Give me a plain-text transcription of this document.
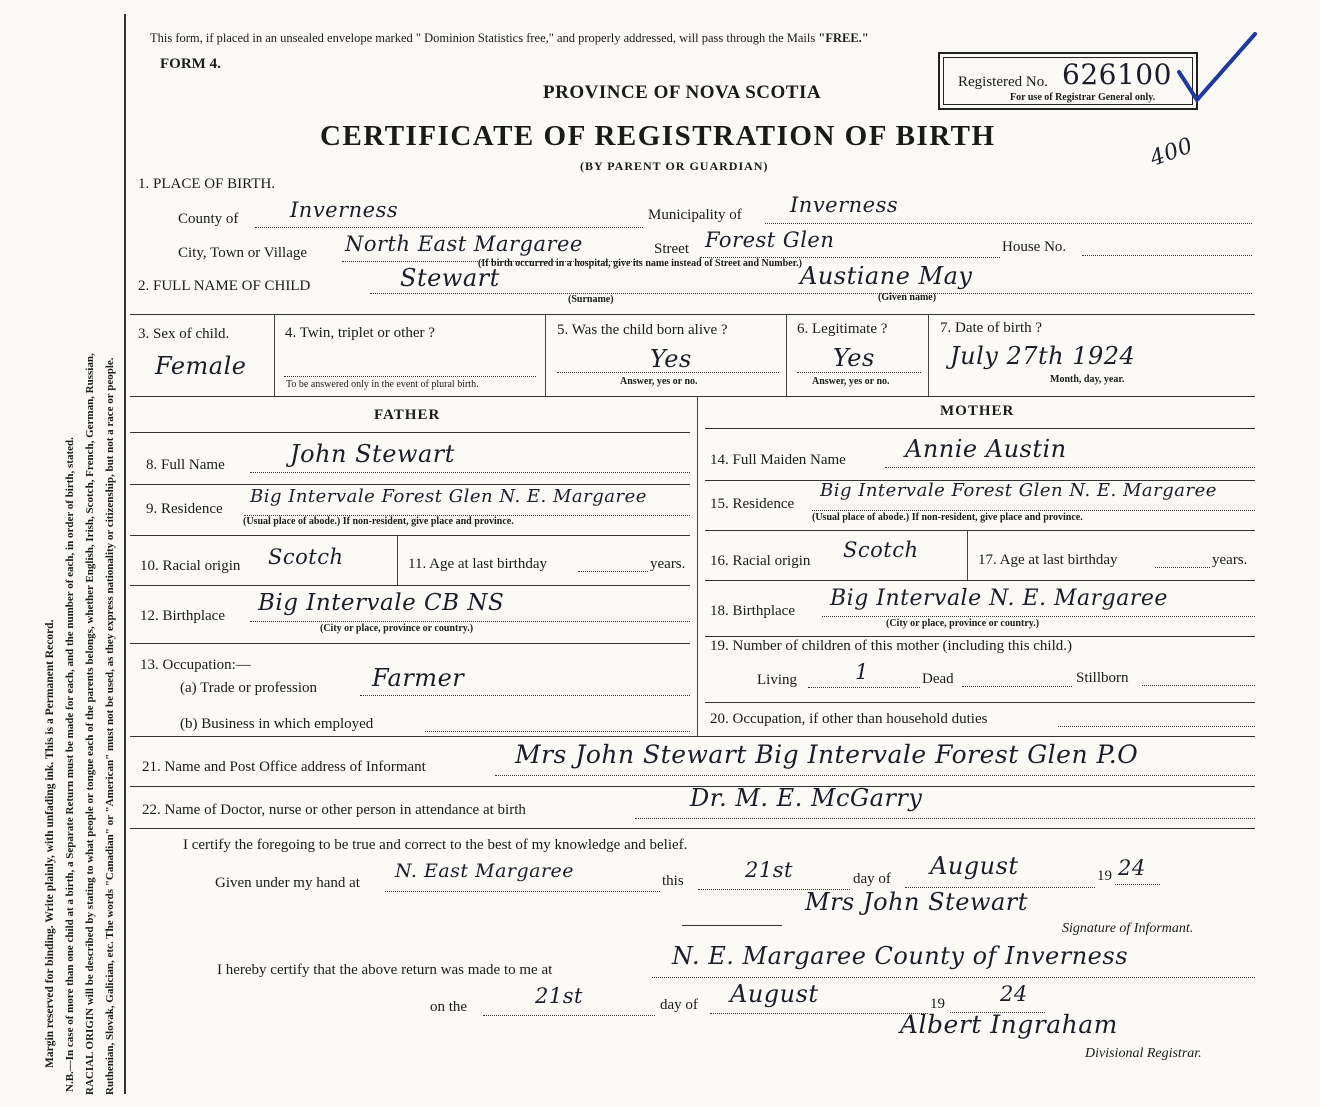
Margin reserved for binding. Write plainly, with unfading ink. This is a Permanent Record. N.B.—In case of more than one child at a birth, a Separate Return must be made for each, and the number of each, in order of birth, stated. RACIAL ORIGIN will be described by stating to what people or tongue each of the parents belongs, whether English, Irish, Scotch, French, German, Russian, Ruthenian, Slovak, Galician, etc. The words "Canadian" or "American" must not be used, as they express nationality or citizenship, but not a race or people.
This form, if placed in an unsealed envelope marked " Dominion Statistics free," and properly addressed, will pass through the Mails "FREE."
FORM 4.
PROVINCE OF NOVA SCOTIA
CERTIFICATE OF REGISTRATION OF BIRTH
(BY PARENT OR GUARDIAN)
Registered No. 626100
For use of Registrar General only.
400
1. PLACE OF BIRTH.
County of Inverness	Municipality of Inverness
City, Town or Village North East Margaree	Street Forest Glen	House No.
(If birth occurred in a hospital, give its name instead of Street and Number.)
2. FULL NAME OF CHILD	Stewart
(Surname)
Austiane May
(Given name)
3. Sex of child.
Female
4. Twin, triplet or other ?
To be answered only in the event of plural birth.
5. Was the child born alive ?
Yes
Answer, yes or no.
6. Legitimate ?
Yes
Answer, yes or no.
7. Date of birth ?
July 27th 1924
Month, day, year.
FATHER
8. Full Name	John Stewart
9. Residence
Big Intervale Forest Glen N. E. Margaree
(Usual place of abode.) If non-resident, give place and province.
10. Racial origin Scotch	11. Age at last birthday	years.
12. Birthplace Big Intervale CB NS
(City or place, province or country.)
13. Occupation:—
(a) Trade or profession Farmer
(b) Business in which employed
MOTHER
14. Full Maiden Name Annie Austin
15. Residence
Big Intervale Forest Glen N. E. Margaree
(Usual place of abode.) If non-resident, give place and province.
16. Racial origin Scotch	17. Age at last birthday	years.
18. Birthplace Big Intervale N. E. Margaree
(City or place, province or country.)
19. Number of children of this mother (including this child.)
Living	1	Dead	Stillborn
20. Occupation, if other than household duties
21. Name and Post Office address of Informant	Mrs John Stewart Big Intervale Forest Glen P.O
22. Name of Doctor, nurse or other person in attendance at birth	Dr. M. E. McGarry
I certify the foregoing to be true and correct to the best of my knowledge and belief.
Given under my hand at
N. East Margaree	this	21st	day of August	19 24
Mrs John Stewart
Signature of Informant.
I hereby certify that the above return was made to me at	N. E. Margaree County of Inverness
on the	21st	day of August	19	24
Albert Ingraham
Divisional Registrar.
